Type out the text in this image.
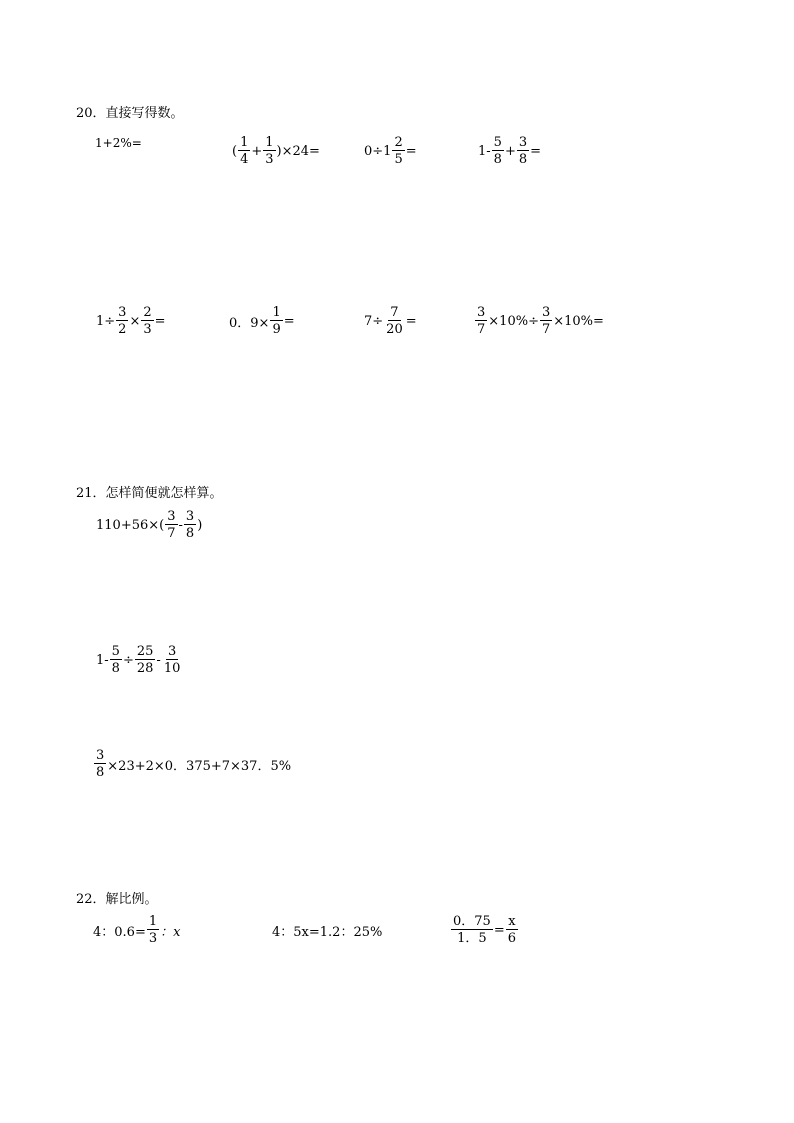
20．直接写得数。
1+2%=
( $\frac{1}{4} + \frac{1}{3} )\times 24=$	$0\div 1 \frac{2}{5}$ =	$1- \frac{5}{8} + \frac{3}{8}$ =
$1\div \frac{3}{2} \times \frac{2}{3}$ =	0．$9\times \frac{1}{9}$ =	$7\div \frac{7}{20}$ =	$\frac{3}{7} \times 10\%\div \frac{3}{7} \times 10\%=$
21．怎样简便就怎样算。
$110+56\times( \frac{3}{7} - \frac{3}{8}$ )
$1- \frac{5}{8} \div \frac{25}{28} - \frac{3}{10}$
$\frac{3}{8} \times 23+2\times 0$．375+7×37．5%
22．解比例。
4：$0.6= \frac{1}{3}$ ：x	4：5x=1.2：25%	$\frac{0.75}{1.5} = \frac{x}{6}$
